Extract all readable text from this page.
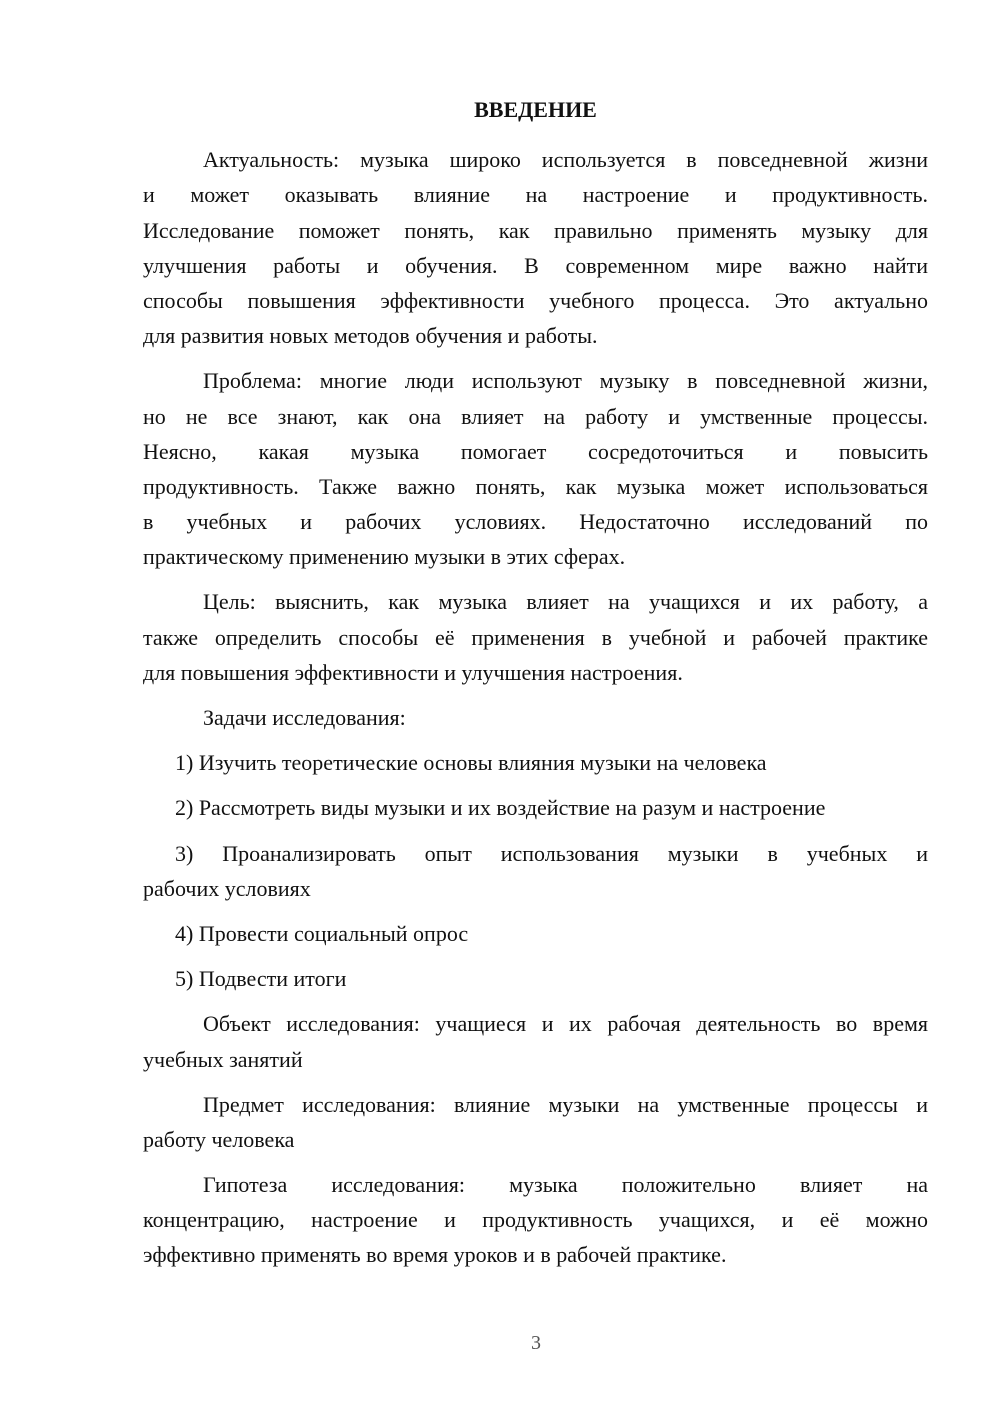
ВВЕДЕНИЕ
Актуальность: музыка широко используется в повседневной жизни
и может оказывать влияние на настроение и продуктивность.
Исследование поможет понять, как правильно применять музыку для
улучшения работы и обучения. В современном мире важно найти
способы повышения эффективности учебного процесса. Это актуально
для развития новых методов обучения и работы.
Проблема: многие люди используют музыку в повседневной жизни,
но не все знают, как она влияет на работу и умственные процессы.
Неясно, какая музыка помогает сосредоточиться и повысить
продуктивность. Также важно понять, как музыка может использоваться
в учебных и рабочих условиях. Недостаточно исследований по
практическому применению музыки в этих сферах.
Цель: выяснить, как музыка влияет на учащихся и их работу, а
также определить способы её применения в учебной и рабочей практике
для повышения эффективности и улучшения настроения.
Задачи исследования:
1) Изучить теоретические основы влияния музыки на человека
2) Рассмотреть виды музыки и их воздействие на разум и настроение
3) Проанализировать опыт использования музыки в учебных и
рабочих условиях
4) Провести социальный опрос
5) Подвести итоги
Объект исследования: учащиеся и их рабочая деятельность во время
учебных занятий
Предмет исследования: влияние музыки на умственные процессы и
работу человека
Гипотеза исследования: музыка положительно влияет на
концентрацию, настроение и продуктивность учащихся, и её можно
эффективно применять во время уроков и в рабочей практике.
3
